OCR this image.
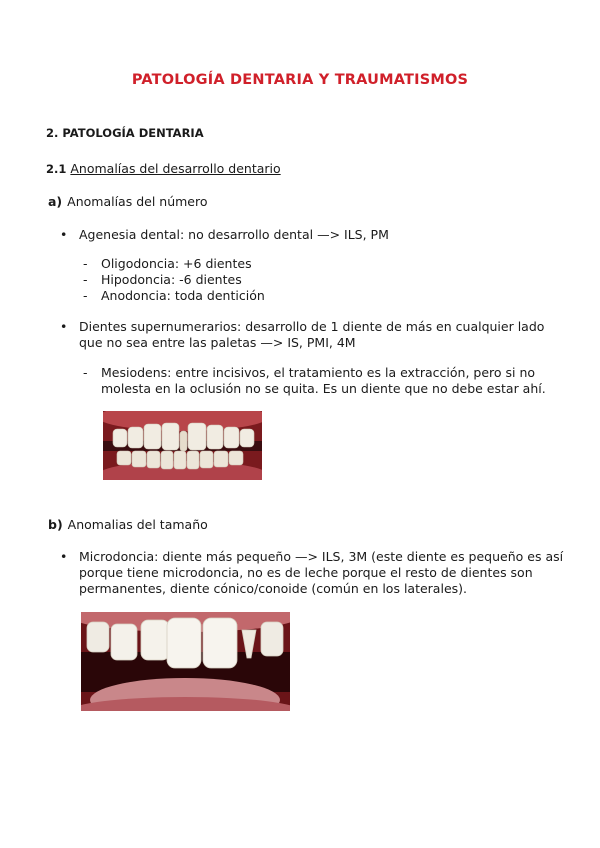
PATOLOGÍA DENTARIA Y TRAUMATISMOS
2. PATOLOGÍA DENTARIA
2.1 Anomalías del desarrollo dentario
a) Anomalías del número
• Agenesia dental: no desarrollo dental —> ILS, PM
- Oligodoncia: +6 dientes
- Hipodoncia: -6 dientes
- Anodoncia: toda dentición
• Dientes supernumerarios: desarrollo de 1 diente de más en cualquier lado que no sea entre las paletas —> IS, PMI, 4M
- Mesiodens: entre incisivos, el tratamiento es la extracción, pero si no molesta en la oclusión no se quita. Es un diente que no debe estar ahí.
b) Anomalias del tamaño
• Microdoncia: diente más pequeño —> ILS, 3M (este diente es pequeño es así porque tiene microdoncia, no es de leche porque el resto de dientes son permanentes, diente cónico/conoide (común en los laterales).
